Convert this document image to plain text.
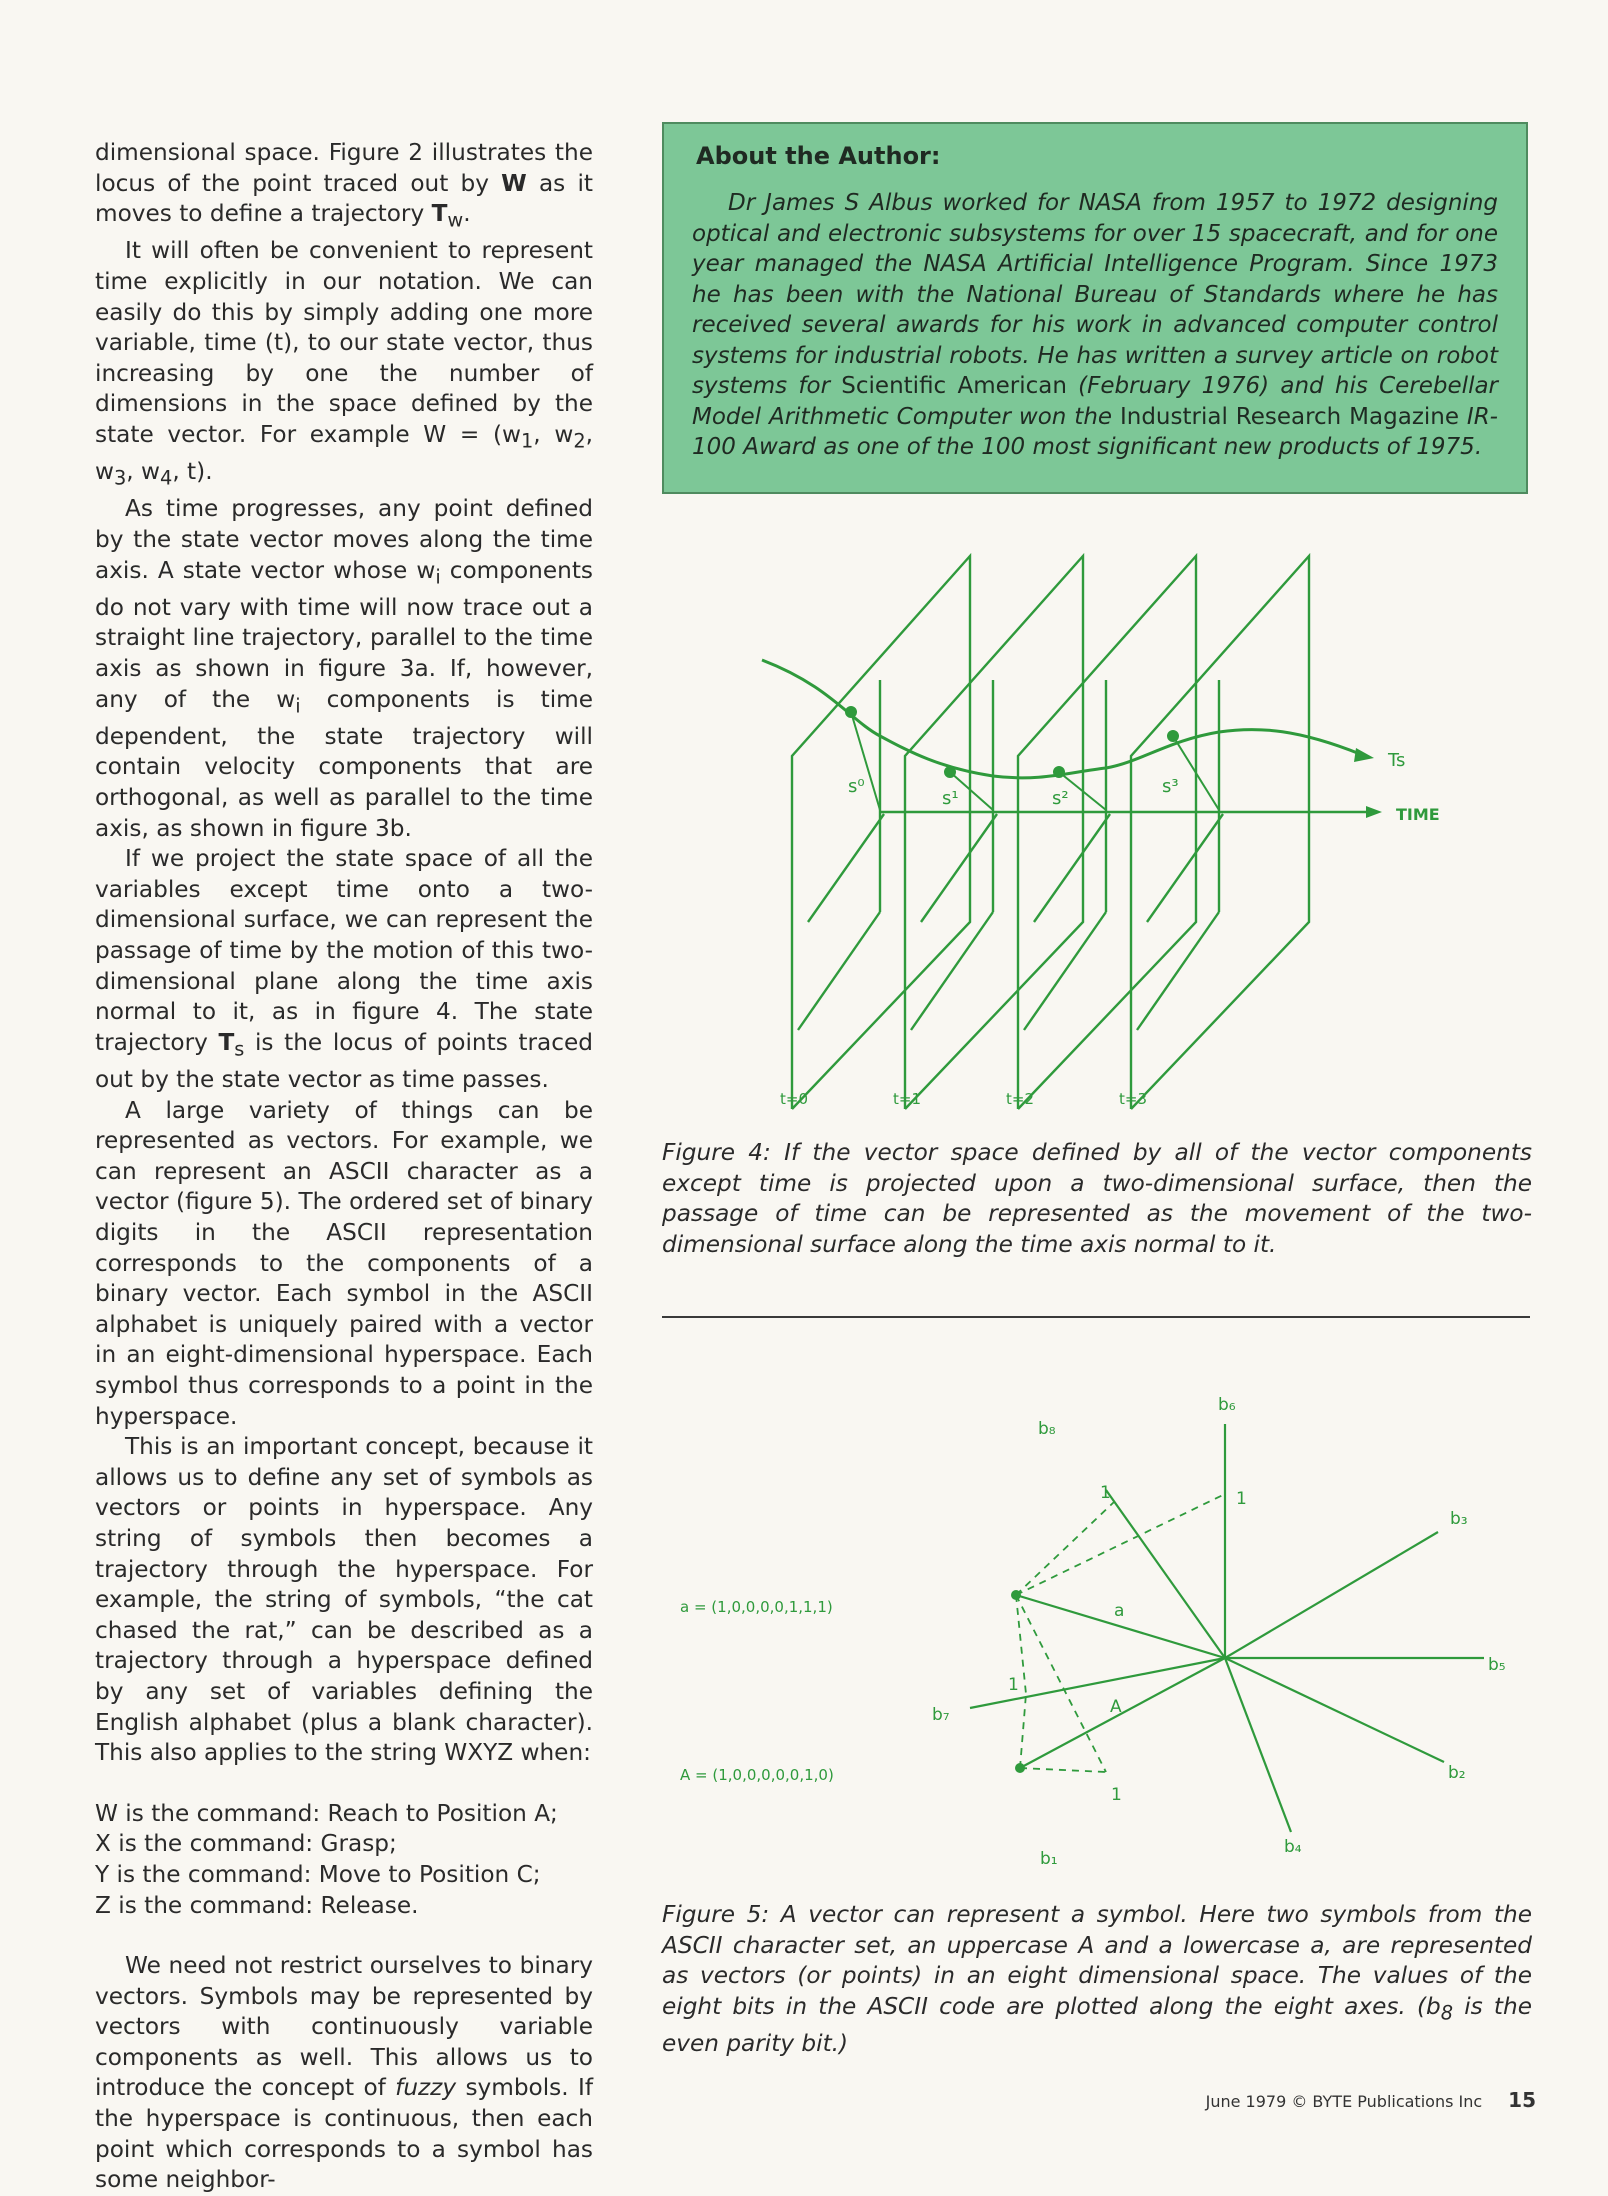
dimensional space. Figure 2 illustrates the locus of the point traced out by W as it moves to define a trajectory $T_w$.

It will often be convenient to represent time explicitly in our notation. We can easily do this by simply adding one more variable, time (t), to our state vector, thus increasing by one the number of dimensions in the space defined by the state vector. For example $W = (w_1$, $w_2$, $w_3$, $w_4$, t).

As time progresses, any point defined by the state vector moves along the time axis. A state vector whose $w_i$ components do not vary with time will now trace out a straight line trajectory, parallel to the time axis as shown in figure 3a. If, however, any of the $w_i$ components is time dependent, the state trajectory will contain velocity components that are orthogonal, as well as parallel to the time axis, as shown in figure 3b.

If we project the state space of all the variables except time onto a two-dimensional surface, we can represent the passage of time by the motion of this two-dimensional plane along the time axis normal to it, as in figure 4. The state trajectory $T_s$ is the locus of points traced out by the state vector as time passes.

A large variety of things can be represented as vectors. For example, we can represent an ASCII character as a vector (figure 5). The ordered set of binary digits in the ASCII representation corresponds to the components of a binary vector. Each symbol in the ASCII alphabet is uniquely paired with a vector in an eight-dimensional hyperspace. Each symbol thus corresponds to a point in the hyperspace.

This is an important concept, because it allows us to define any set of symbols as vectors or points in hyperspace. Any string of symbols then becomes a trajectory through the hyperspace. For example, the string of symbols, “the cat chased the rat,” can be described as a trajectory through a hyperspace defined by any set of variables defining the English alphabet (plus a blank character). This also applies to the string WXYZ when:

W is the command: Reach to Position A;

X is the command: Grasp;

Y is the command: Move to Position C;

Z is the command: Release.

We need not restrict ourselves to binary vectors. Symbols may be represented by vectors with continuously variable components as well. This allows us to introduce the concept of fuzzy symbols. If the hyperspace is continuous, then each point which corresponds to a symbol has some neighbor-

About the Author:

Dr James S Albus worked for NASA from 1957 to 1972 designing optical and electronic subsystems for over 15 spacecraft, and for one year managed the NASA Artificial Intelligence Program. Since 1973 he has been with the National Bureau of Standards where he has received several awards for his work in advanced computer control systems for industrial robots. He has written a survey article on robot systems for Scientific American (February 1976) and his Cerebellar Model Arithmetic Computer won the Industrial Research Magazine IR-100 Award as one of the 100 most significant new products of 1975.

s⁰
s¹	s²
s³
Ts
TIME
t=0	t=1	t=2	t=3
Figure 4: If the vector space defined by all of the vector components except time is projected upon a two-dimensional surface, then the passage of time can be represented as the movement of the two-dimensional surface along the time axis normal to it.
a = (1,0,0,0,0,1,1,1)
A = (1,0,0,0,0,0,1,0)
a
A
b₁
b₂
b₃
b₄
b₅
b₆
b₇
b₈
1	1
1
1
Figure 5: A vector can represent a symbol. Here two symbols from the ASCII character set, an uppercase A and a lowercase a, are represented as vectors (or points) in an eight dimensional space. The values of the eight bits in the ASCII code are plotted along the eight axes. ($b_8$ is the even parity bit.)
June 1979 © BYTE Publications Inc 15
